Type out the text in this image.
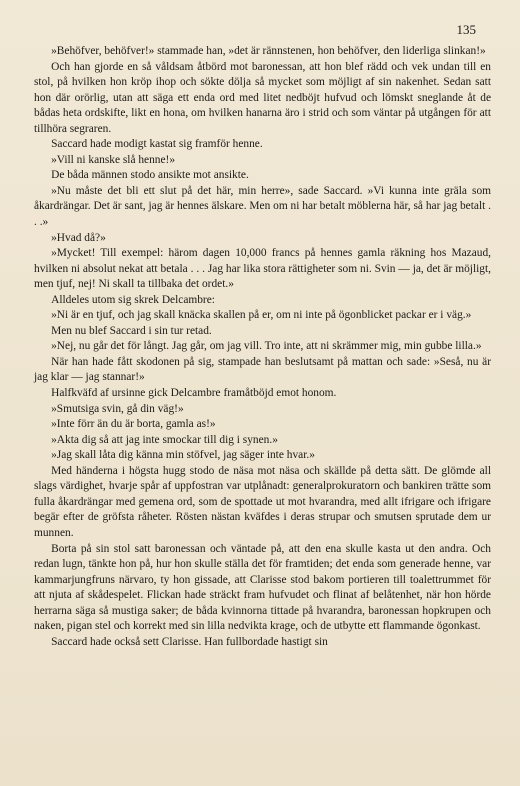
135

»Behöfver, behöfver!» stammade han, »det är rännstenen, hon behöfver, den liderliga slinkan!»

Och han gjorde en så våldsam åtbörd mot baronessan, att hon blef rädd och vek undan till en stol, på hvilken hon kröp ihop och sökte dölja så mycket som möjligt af sin nakenhet. Sedan satt hon där orörlig, utan att säga ett enda ord med litet nedböjt hufvud och lömskt sneglande åt de bådas heta ordskifte, likt en hona, om hvilken hanarna äro i strid och som väntar på utgången för att tillhöra segraren.

Saccard hade modigt kastat sig framför henne.

»Vill ni kanske slå henne!»

De båda männen stodo ansikte mot ansikte.

»Nu måste det bli ett slut på det här, min herre», sade Saccard. »Vi kunna inte gräla som åkardrängar. Det är sant, jag är hennes älskare. Men om ni har betalt möblerna här, så har jag betalt . . .»

»Hvad då?»

»Mycket! Till exempel: härom dagen 10,000 francs på hennes gamla räkning hos Mazaud, hvilken ni absolut nekat att betala . . . Jag har lika stora rättigheter som ni. Svin — ja, det är möjligt, men tjuf, nej! Ni skall ta tillbaka det ordet.»

Alldeles utom sig skrek Delcambre:

»Ni är en tjuf, och jag skall knäcka skallen på er, om ni inte på ögonblicket packar er i väg.»

Men nu blef Saccard i sin tur retad.

»Nej, nu går det för långt. Jag går, om jag vill. Tro inte, att ni skrämmer mig, min gubbe lilla.»

När han hade fått skodonen på sig, stampade han beslutsamt på mattan och sade: »Seså, nu är jag klar — jag stannar!»

Halfkväfd af ursinne gick Delcambre framåtböjd emot honom.

»Smutsiga svin, gå din väg!»

»Inte förr än du är borta, gamla as!»

»Akta dig så att jag inte smockar till dig i synen.»

»Jag skall låta dig känna min stöfvel, jag säger inte hvar.»

Med händerna i högsta hugg stodo de näsa mot näsa och skällde på detta sätt. De glömde all slags värdighet, hvarje spår af uppfostran var utplånadt: generalprokuratorn och bankiren trätte som fulla åkardrängar med gemena ord, som de spottade ut mot hvarandra, med allt ifrigare och ifrigare begär efter de gröfsta råheter. Rösten nästan kväfdes i deras strupar och smutsen sprutade dem ur munnen.

Borta på sin stol satt baronessan och väntade på, att den ena skulle kasta ut den andra. Och redan lugn, tänkte hon på, hur hon skulle ställa det för framtiden; det enda som generade henne, var kammarjungfruns närvaro, ty hon gissade, att Clarisse stod bakom portieren till toalettrummet för att njuta af skådespelet. Flickan hade sträckt fram hufvudet och flinat af belåtenhet, när hon hörde herrarna säga så mustiga saker; de båda kvinnorna tittade på hvarandra, baronessan hopkrupen och naken, pigan stel och korrekt med sin lilla nedvikta krage, och de utbytte ett flammande ögonkast.

Saccard hade också sett Clarisse. Han fullbordade hastigt sin
